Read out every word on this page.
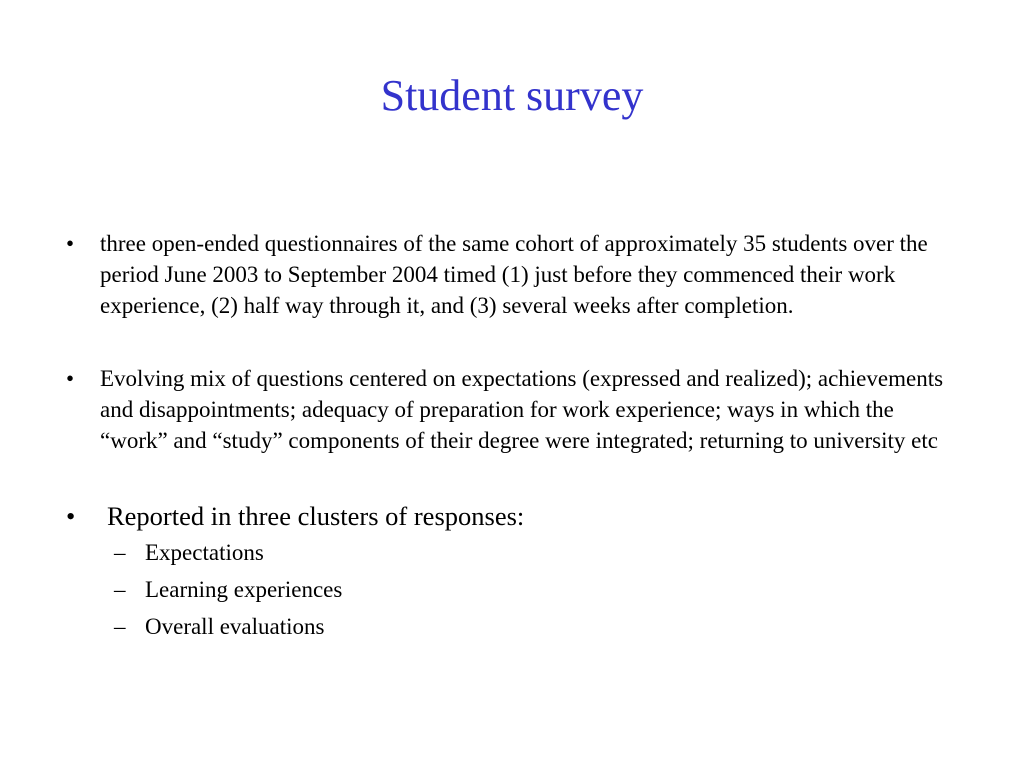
Student survey
•	three open-ended questionnaires of the same cohort of approximately 35 students over the period June 2003 to September 2004 timed (1) just before they commenced their work experience, (2) half way through it, and (3) several weeks after completion.
•	Evolving mix of questions centered on expectations (expressed and realized); achievements and disappointments; adequacy of preparation for work experience; ways in which the “work” and “study” components of their degree were integrated; returning to university etc
•	Reported in three clusters of responses:
– Expectations
– Learning experiences
– Overall evaluations
